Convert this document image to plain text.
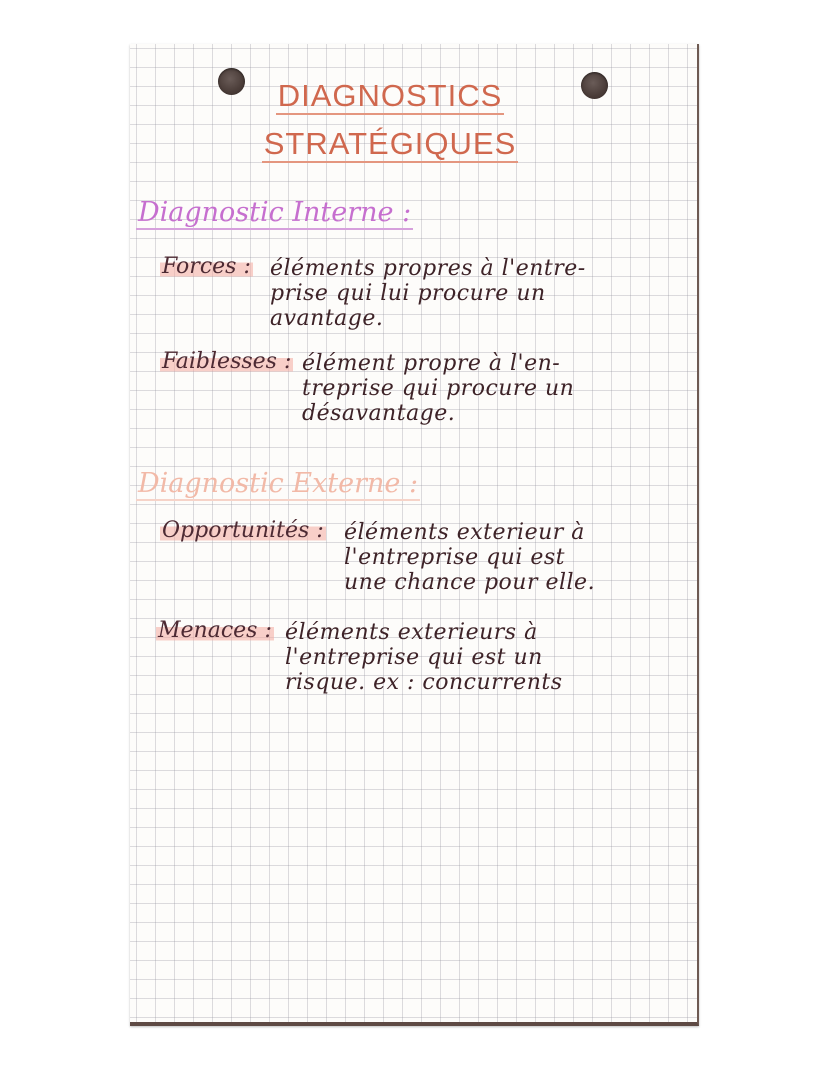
DIAGNOSTICS
STRATÉGIQUES
Diagnostic Interne :
Forces : éléments propres à l'entre-
prise qui lui procure un
avantage.
Faiblesses : élément propre à l'en-
treprise qui procure un
désavantage.
Diagnostic Externe :
Opportunités : éléments exterieur à
l'entreprise qui est
une chance pour elle.
Menaces : éléments exterieurs à
l'entreprise qui est un
risque. ex : concurrents
